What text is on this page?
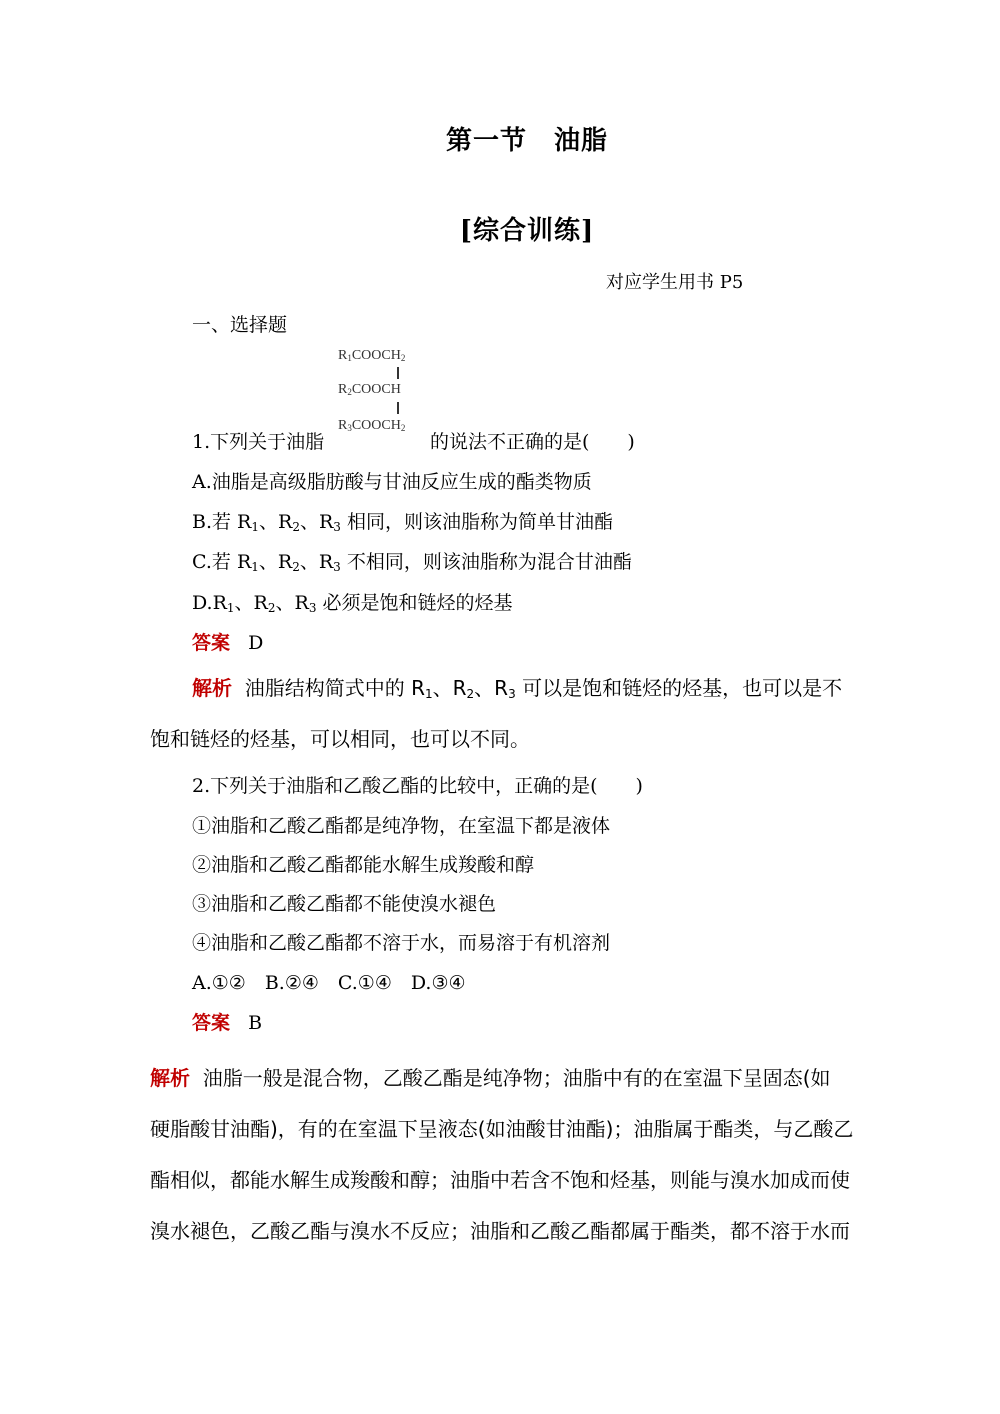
第一节　油脂
[综合训练]
对应学生用书 P5
一、选择题
R1COOCH2
R2COOCH
R3COOCH2
1.下列关于油脂	的说法不正确的是(　　)
A.油脂是高级脂肪酸与甘油反应生成的酯类物质
B.若 $R_1$、$R_2$、$R_3$ 相同，则该油脂称为简单甘油酯
C.若 $R_1$、$R_2$、$R_3$ 不相同，则该油脂称为混合甘油酯
$D.R_1$、$R_2$、$R_3$ 必须是饱和链烃的烃基
答案 D
解析 油脂结构简式中的 $R_1$、$R_2$、$R_3$ 可以是饱和链烃的烃基，也可以是不
饱和链烃的烃基，可以相同，也可以不同。
2.下列关于油脂和乙酸乙酯的比较中，正确的是(　　)
①油脂和乙酸乙酯都是纯净物，在室温下都是液体
②油脂和乙酸乙酯都能水解生成羧酸和醇
③油脂和乙酸乙酯都不能使溴水褪色
④油脂和乙酸乙酯都不溶于水，而易溶于有机溶剂
A.①②　B.②④　C.①④　D.③④
答案 B
解析 油脂一般是混合物，乙酸乙酯是纯净物；油脂中有的在室温下呈固态(如
硬脂酸甘油酯)，有的在室温下呈液态(如油酸甘油酯)；油脂属于酯类，与乙酸乙
酯相似，都能水解生成羧酸和醇；油脂中若含不饱和烃基，则能与溴水加成而使
溴水褪色，乙酸乙酯与溴水不反应；油脂和乙酸乙酯都属于酯类，都不溶于水而
